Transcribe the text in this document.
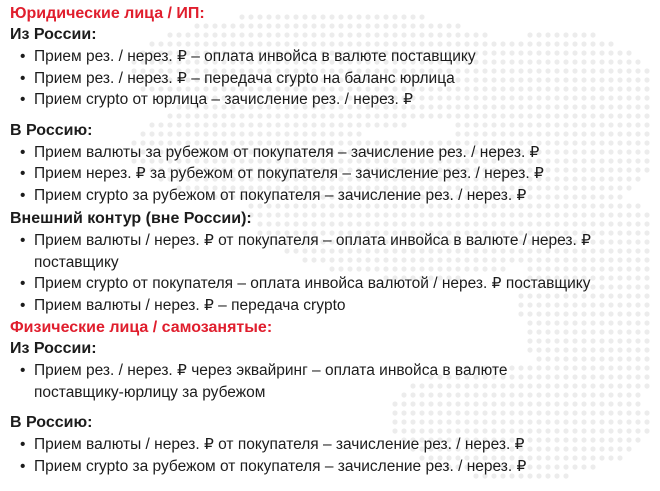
Юридические лица / ИП:
Из России:
• Прием рез. / нерез. ₽ – оплата инвойса в валюте поставщику
• Прием рез. / нерез. ₽ – передача crypto на баланс юрлица
• Прием crypto от юрлица – зачисление рез. / нерез. ₽
В Россию:
• Прием валюты за рубежом от покупателя – зачисление рез. / нерез. ₽
• Прием нерез. ₽ за рубежом от покупателя – зачисление рез. / нерез. ₽
• Прием crypto за рубежом от покупателя – зачисление рез. / нерез. ₽
Внешний контур (вне России):
• Прием валюты / нерез. ₽ от покупателя – оплата инвойса в валюте / нерез. ₽ поставщику
• Прием crypto от покупателя – оплата инвойса валютой / нерез. ₽ поставщику
• Прием валюты / нерез. ₽ – передача crypto
Физические лица / самозанятые:
Из России:
• Прием рез. / нерез. ₽ через эквайринг – оплата инвойса в валюте поставщику-юрлицу за рубежом
В Россию:
• Прием валюты / нерез. ₽ от покупателя – зачисление рез. / нерез. ₽
• Прием crypto за рубежом от покупателя – зачисление рез. / нерез. ₽
